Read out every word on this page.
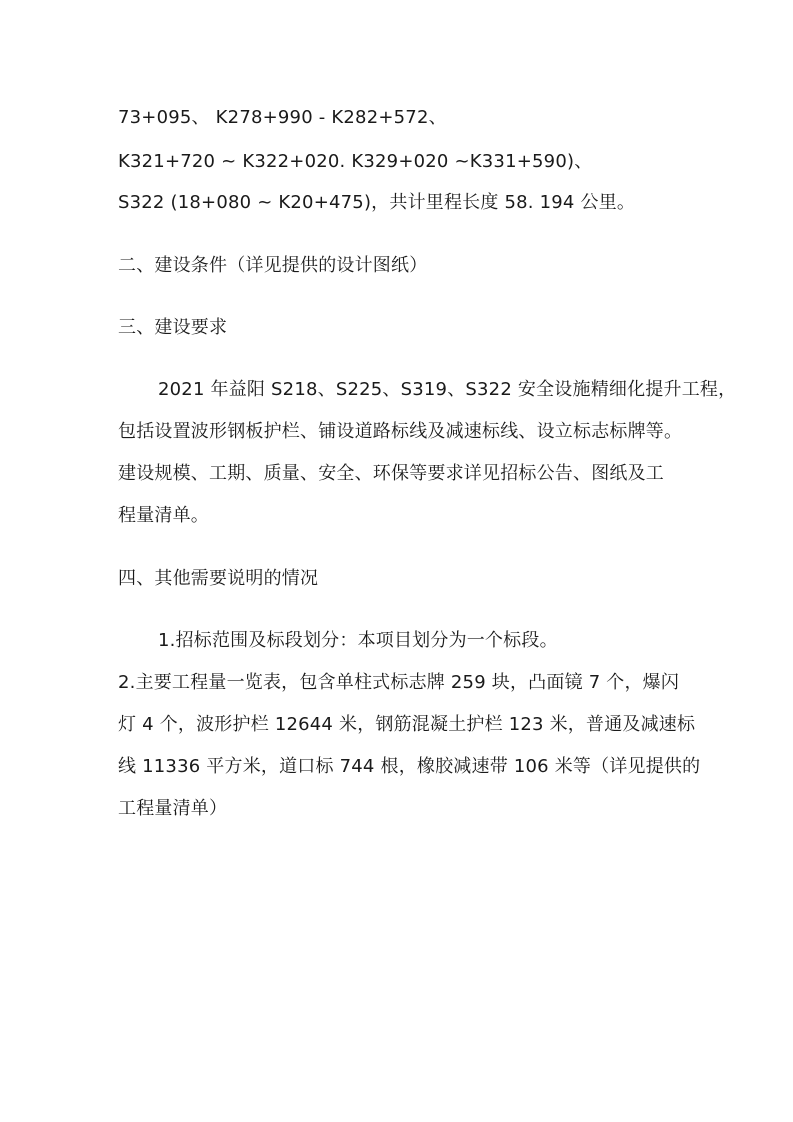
73+095、 K278+990 - K282+572、
K321+720 ~ K322+020. K329+020 ~K331+590)、
S322 (18+080 ~ K20+475)，共计里程长度 58. 194 公里。
二、建设条件（详见提供的设计图纸）
三、建设要求
2021 年益阳 S218、S225、S319、S322 安全设施精细化提升工程，
包括设置波形钢板护栏、铺设道路标线及减速标线、设立标志标牌等。
建设规模、工期、质量、安全、环保等要求详见招标公告、图纸及工
程量清单。
四、其他需要说明的情况
1.招标范围及标段划分：本项目划分为一个标段。
2.主要工程量一览表，包含单柱式标志牌 259 块，凸面镜 7 个，爆闪
灯 4 个，波形护栏 12644 米，钢筋混凝土护栏 123 米，普通及减速标
线 11336 平方米，道口标 744 根，橡胶减速带 106 米等（详见提供的
工程量清单）
